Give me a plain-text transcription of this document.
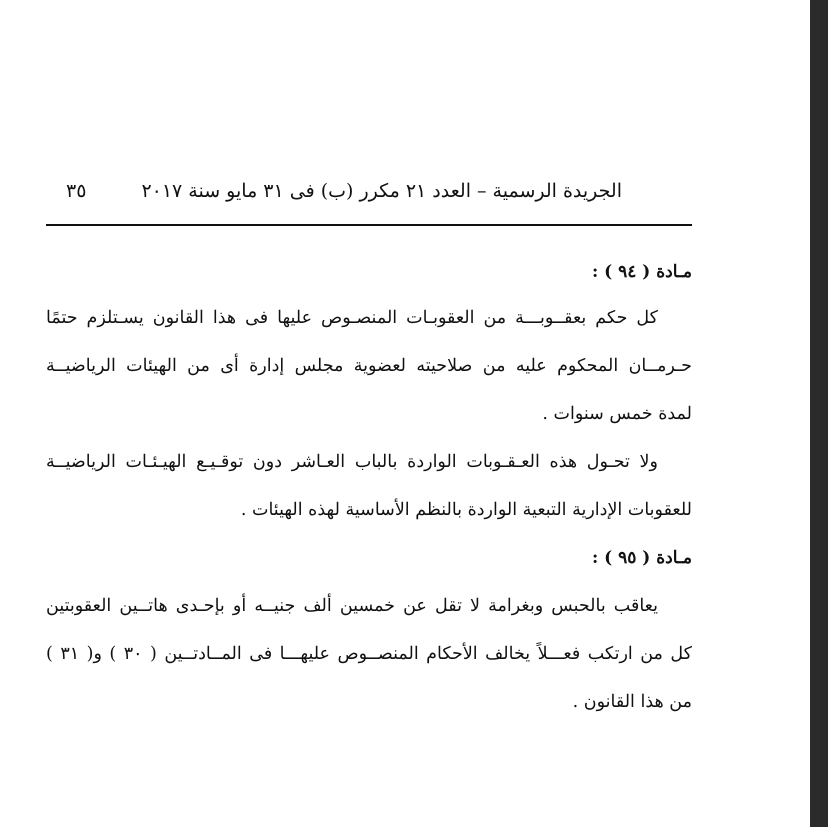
الجريدة الرسمية – العدد ٢١ مكرر (ب) فى ٣١ مايو سنة ٢٠١٧
٣٥
مـادة ( ٩٤ ) :
كل حكم بعقــوبـــة من العقوبـات المنصـوص عليها فى هذا القانون يسـتلزم حتمًا
حـرمــان المحكوم عليه من صلاحيته لعضوية مجلس إدارة أى من الهيئات الرياضيــة
لمدة خمس سنوات .
ولا تحـول هذه العـقـوبات الواردة بالباب العـاشر دون توقـيـع الهيـئـات الرياضيــة
للعقوبات الإدارية التبعية الواردة بالنظم الأساسية لهذه الهيئات .
مـادة ( ٩٥ ) :
يعاقب بالحبس وبغرامة لا تقل عن خمسين ألف جنيــه أو بإحـدى هاتــين العقوبتين
كل من ارتكب فعـــلاً يخالف الأحكام المنصــوص عليهـــا فى المــادتــين ( ٣٠ ) و( ٣١ )
من هذا القانون .
